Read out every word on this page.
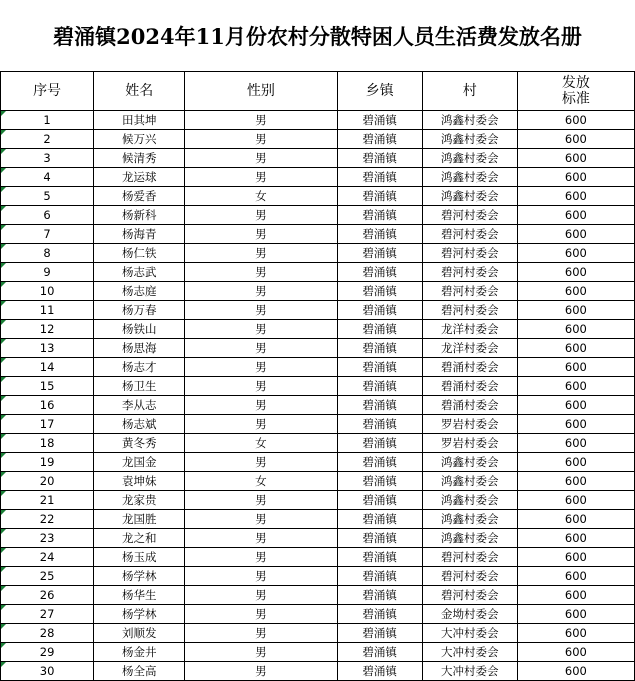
碧涌镇2024年11月份农村分散特困人员生活费发放名册
序号	姓名	性别	乡镇	村	发放
标准

1	田其坤	男	碧涌镇	鸿鑫村委会	600
2	候万兴	男	碧涌镇	鸿鑫村委会	600
3	候清秀	男	碧涌镇	鸿鑫村委会	600
4	龙运球	男	碧涌镇	鸿鑫村委会	600
5	杨爱香	女	碧涌镇	鸿鑫村委会	600
6	杨新科	男	碧涌镇	碧河村委会	600
7	杨海青	男	碧涌镇	碧河村委会	600
8	杨仁铁	男	碧涌镇	碧河村委会	600
9	杨志武	男	碧涌镇	碧河村委会	600
10	杨志庭	男	碧涌镇	碧河村委会	600
11	杨万春	男	碧涌镇	碧河村委会	600
12	杨铁山	男	碧涌镇	龙洋村委会	600
13	杨思海	男	碧涌镇	龙洋村委会	600
14	杨志才	男	碧涌镇	碧涌村委会	600
15	杨卫生	男	碧涌镇	碧涌村委会	600
16	李从志	男	碧涌镇	碧涌村委会	600
17	杨志斌	男	碧涌镇	罗岩村委会	600
18	黄冬秀	女	碧涌镇	罗岩村委会	600
19	龙国金	男	碧涌镇	鸿鑫村委会	600
20	袁坤妹	女	碧涌镇	鸿鑫村委会	600
21	龙家贵	男	碧涌镇	鸿鑫村委会	600
22	龙国胜	男	碧涌镇	鸿鑫村委会	600
23	龙之和	男	碧涌镇	鸿鑫村委会	600
24	杨玉成	男	碧涌镇	碧河村委会	600
25	杨学林	男	碧涌镇	碧河村委会	600
26	杨华生	男	碧涌镇	碧河村委会	600
27	杨学林	男	碧涌镇	金坳村委会	600
28	刘顺发	男	碧涌镇	大冲村委会	600
29	杨金井	男	碧涌镇	大冲村委会	600
30	杨全高	男	碧涌镇	大冲村委会	600
